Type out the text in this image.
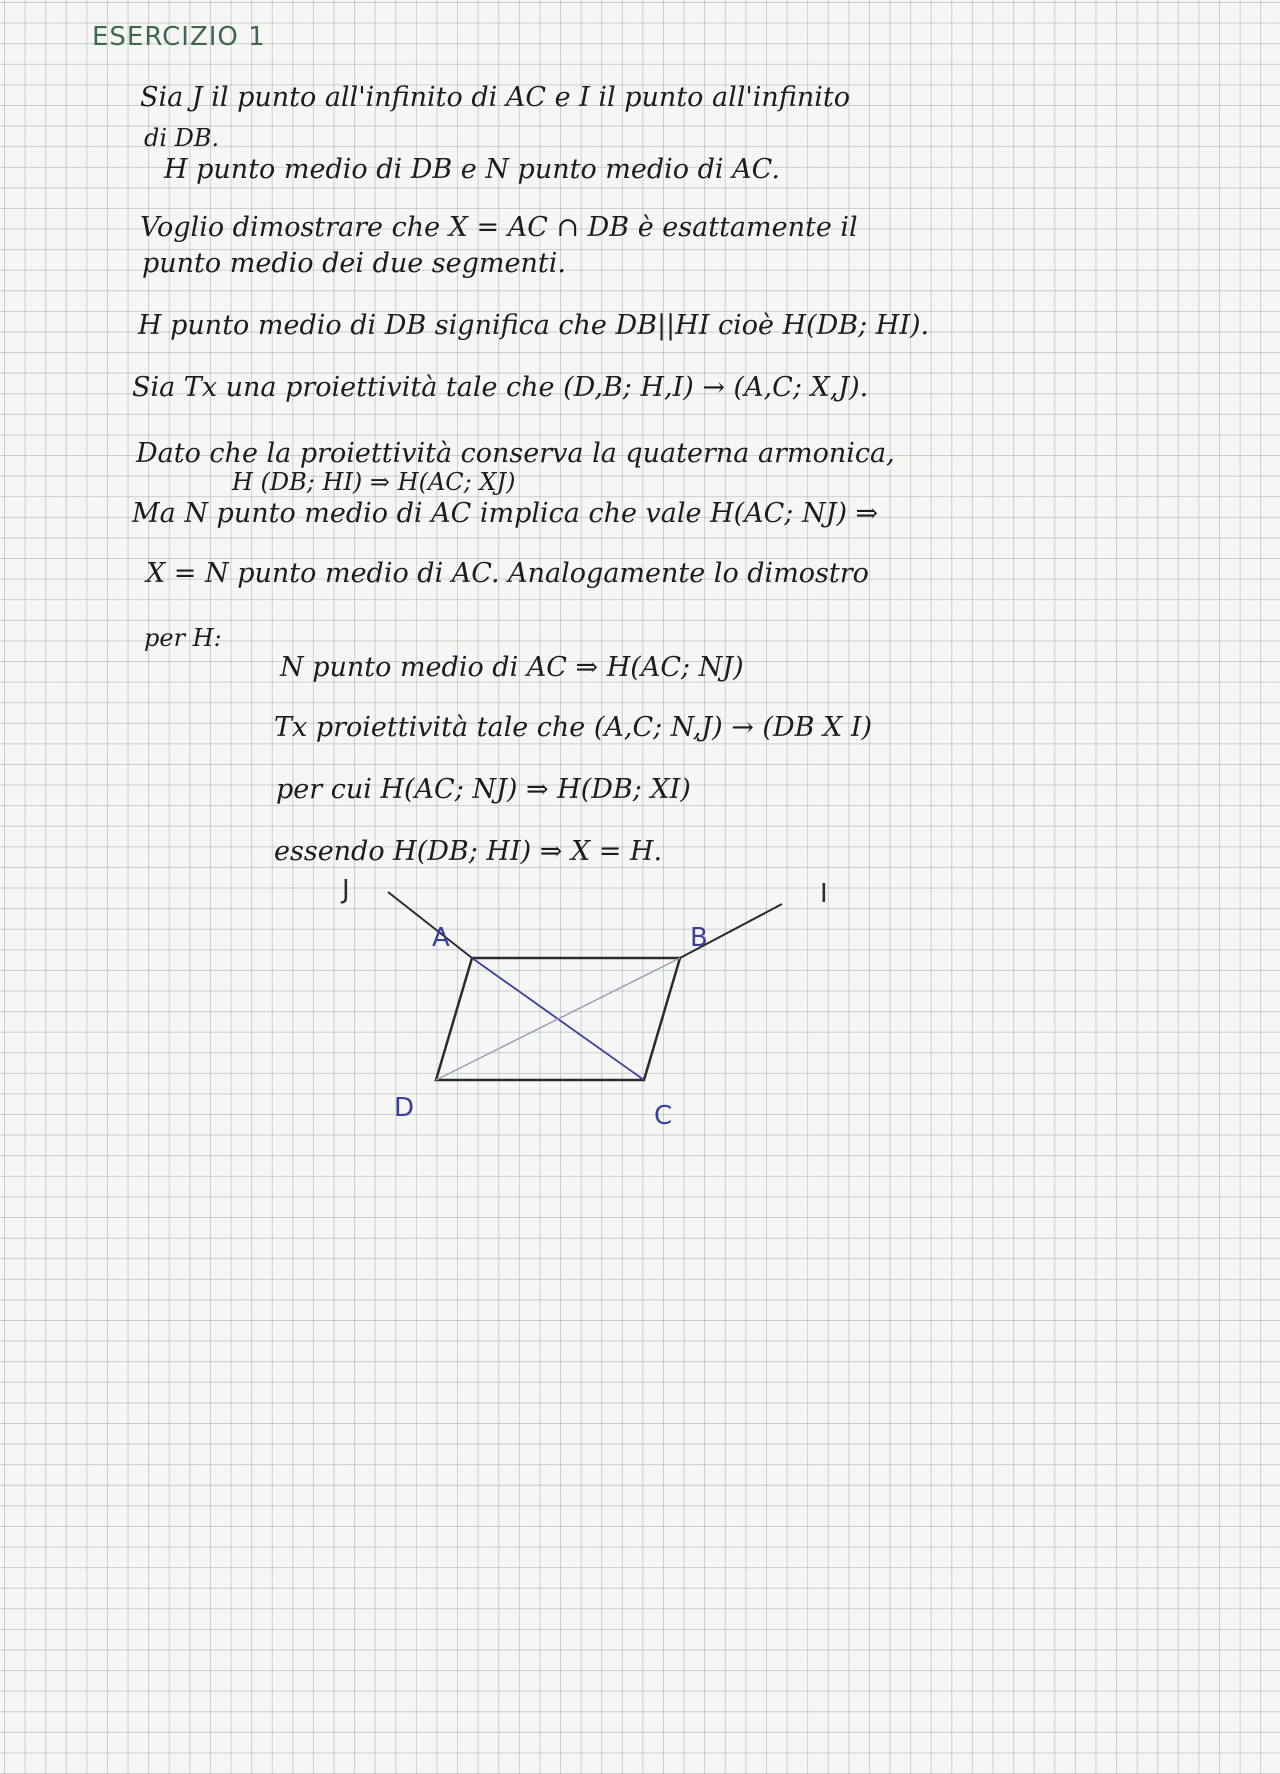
ESERCIZIO 1
Sia J il punto all'infinito di AC e I il punto all'infinito
di DB.
H punto medio di DB e N punto medio di AC.
Voglio dimostrare che X = AC ∩ DB è esattamente il
punto medio dei due segmenti.
H punto medio di DB significa che DB||HI cioè H(DB; HI).
Sia Tx una proiettività tale che (D,B; H,I) → (A,C; X,J).
Dato che la proiettività conserva la quaterna armonica,
H (DB; HI) ⇒ H(AC; XJ)
Ma N punto medio di AC implica che vale H(AC; NJ) ⇒
X = N punto medio di AC. Analogamente lo dimostro
per H:
N punto medio di AC ⇒ H(AC; NJ)
Tx proiettività tale che (A,C; N,J) → (DB X I)
per cui H(AC; NJ) ⇒ H(DB; XI)
essendo H(DB; HI) ⇒ X = H.
J
A	B
I
D	C
